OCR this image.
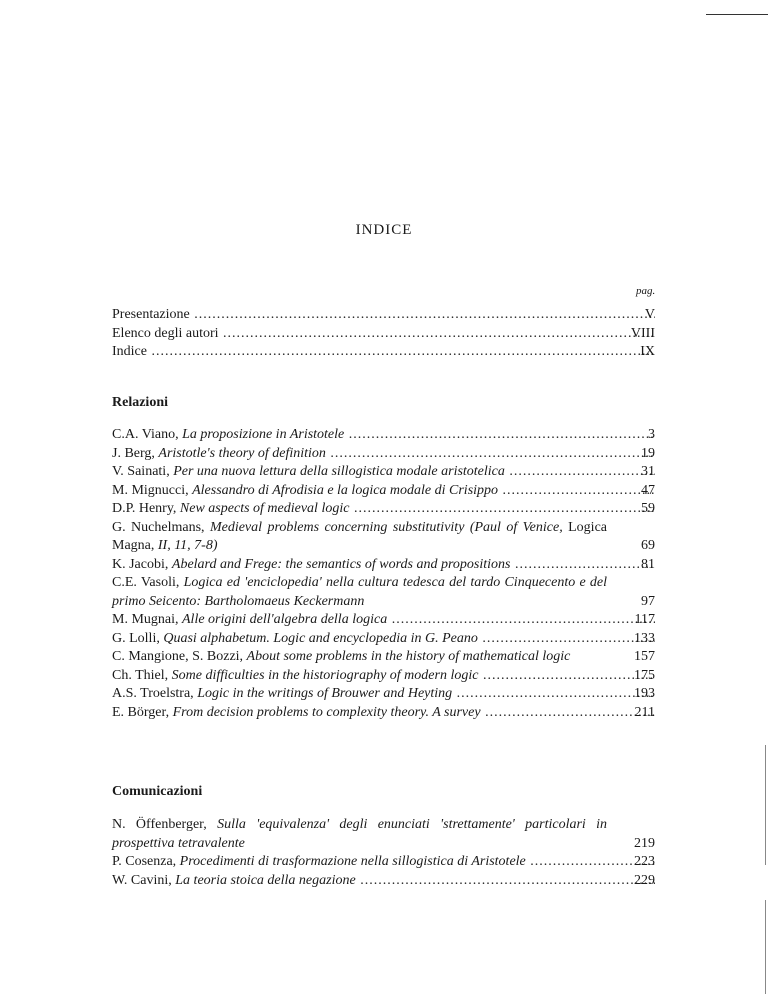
INDICE
pag.
Presentazione .....	V
Elenco degli autori .....	VIII
Indice .....	IX
Relazioni
C.A. Viano, La proposizione in Aristotele .....	3
J. Berg, Aristotle's theory of definition .....	19
V. Sainati, Per una nuova lettura della sillogistica modale aristotelica .....	31
M. Mignucci, Alessandro di Afrodisia e la logica modale di Crisippo .....	47
D.P. Henry, New aspects of medieval logic .....	59
G. Nuchelmans, Medieval problems concerning substitutivity (Paul of Venice, Logica Magna, II, 11, 7-8)	69
K. Jacobi, Abelard and Frege: the semantics of words and propositions .....	81
C.E. Vasoli, Logica ed 'enciclopedia' nella cultura tedesca del tardo Cinquecento e del primo Seicento: Bartholomaeus Keckermann	97
M. Mugnai, Alle origini dell'algebra della logica .....	117
G. Lolli, Quasi alphabetum. Logic and encyclopedia in G. Peano .....	133
C. Mangione, S. Bozzi, About some problems in the history of mathematical logic	157
Ch. Thiel, Some difficulties in the historiography of modern logic .....	175
A.S. Troelstra, Logic in the writings of Brouwer and Heyting .....	193
E. Börger, From decision problems to complexity theory. A survey .....	211
Comunicazioni
N. Öffenberger, Sulla 'equivalenza' degli enunciati 'strettamente' particolari in prospettiva tetravalente	219
P. Cosenza, Procedimenti di trasformazione nella sillogistica di Aristotele .....	223
W. Cavini, La teoria stoica della negazione .....	229
